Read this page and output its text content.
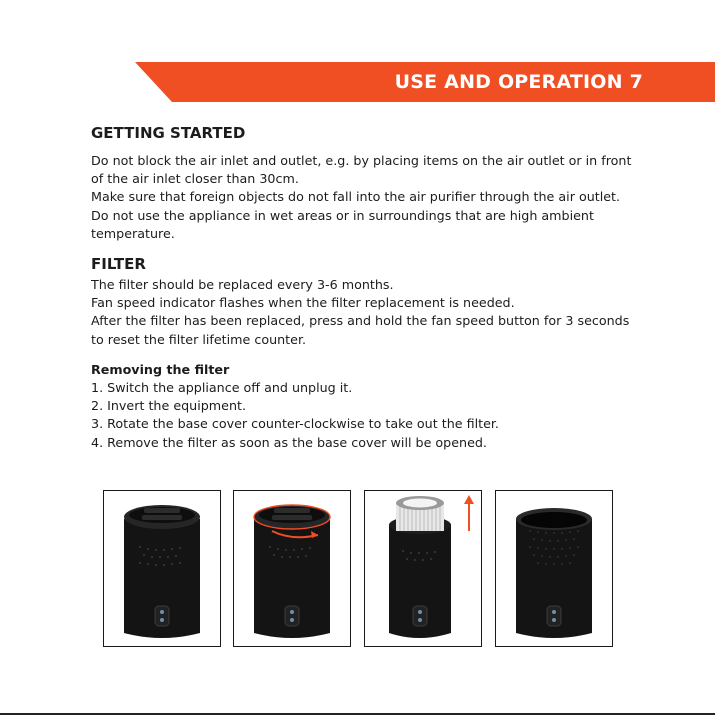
USE AND OPERATION 7
GETTING STARTED

Do not block the air inlet and outlet, e.g. by placing items on the air outlet or in front of the air inlet closer than 30cm.

Make sure that foreign objects do not fall into the air purifier through the air outlet.

Do not use the appliance in wet areas or in surroundings that are high ambient temperature.

FILTER

The filter should be replaced every 3-6 months.

Fan speed indicator flashes when the filter replacement is needed.

After the filter has been replaced, press and hold the fan speed button for 3 seconds to reset the filter lifetime counter.

Removing the filter

1. Switch the appliance off and unplug it.

2. Invert the equipment.

3. Rotate the base cover counter-clockwise to take out the filter.

4. Remove the filter as soon as the base cover will be opened.
